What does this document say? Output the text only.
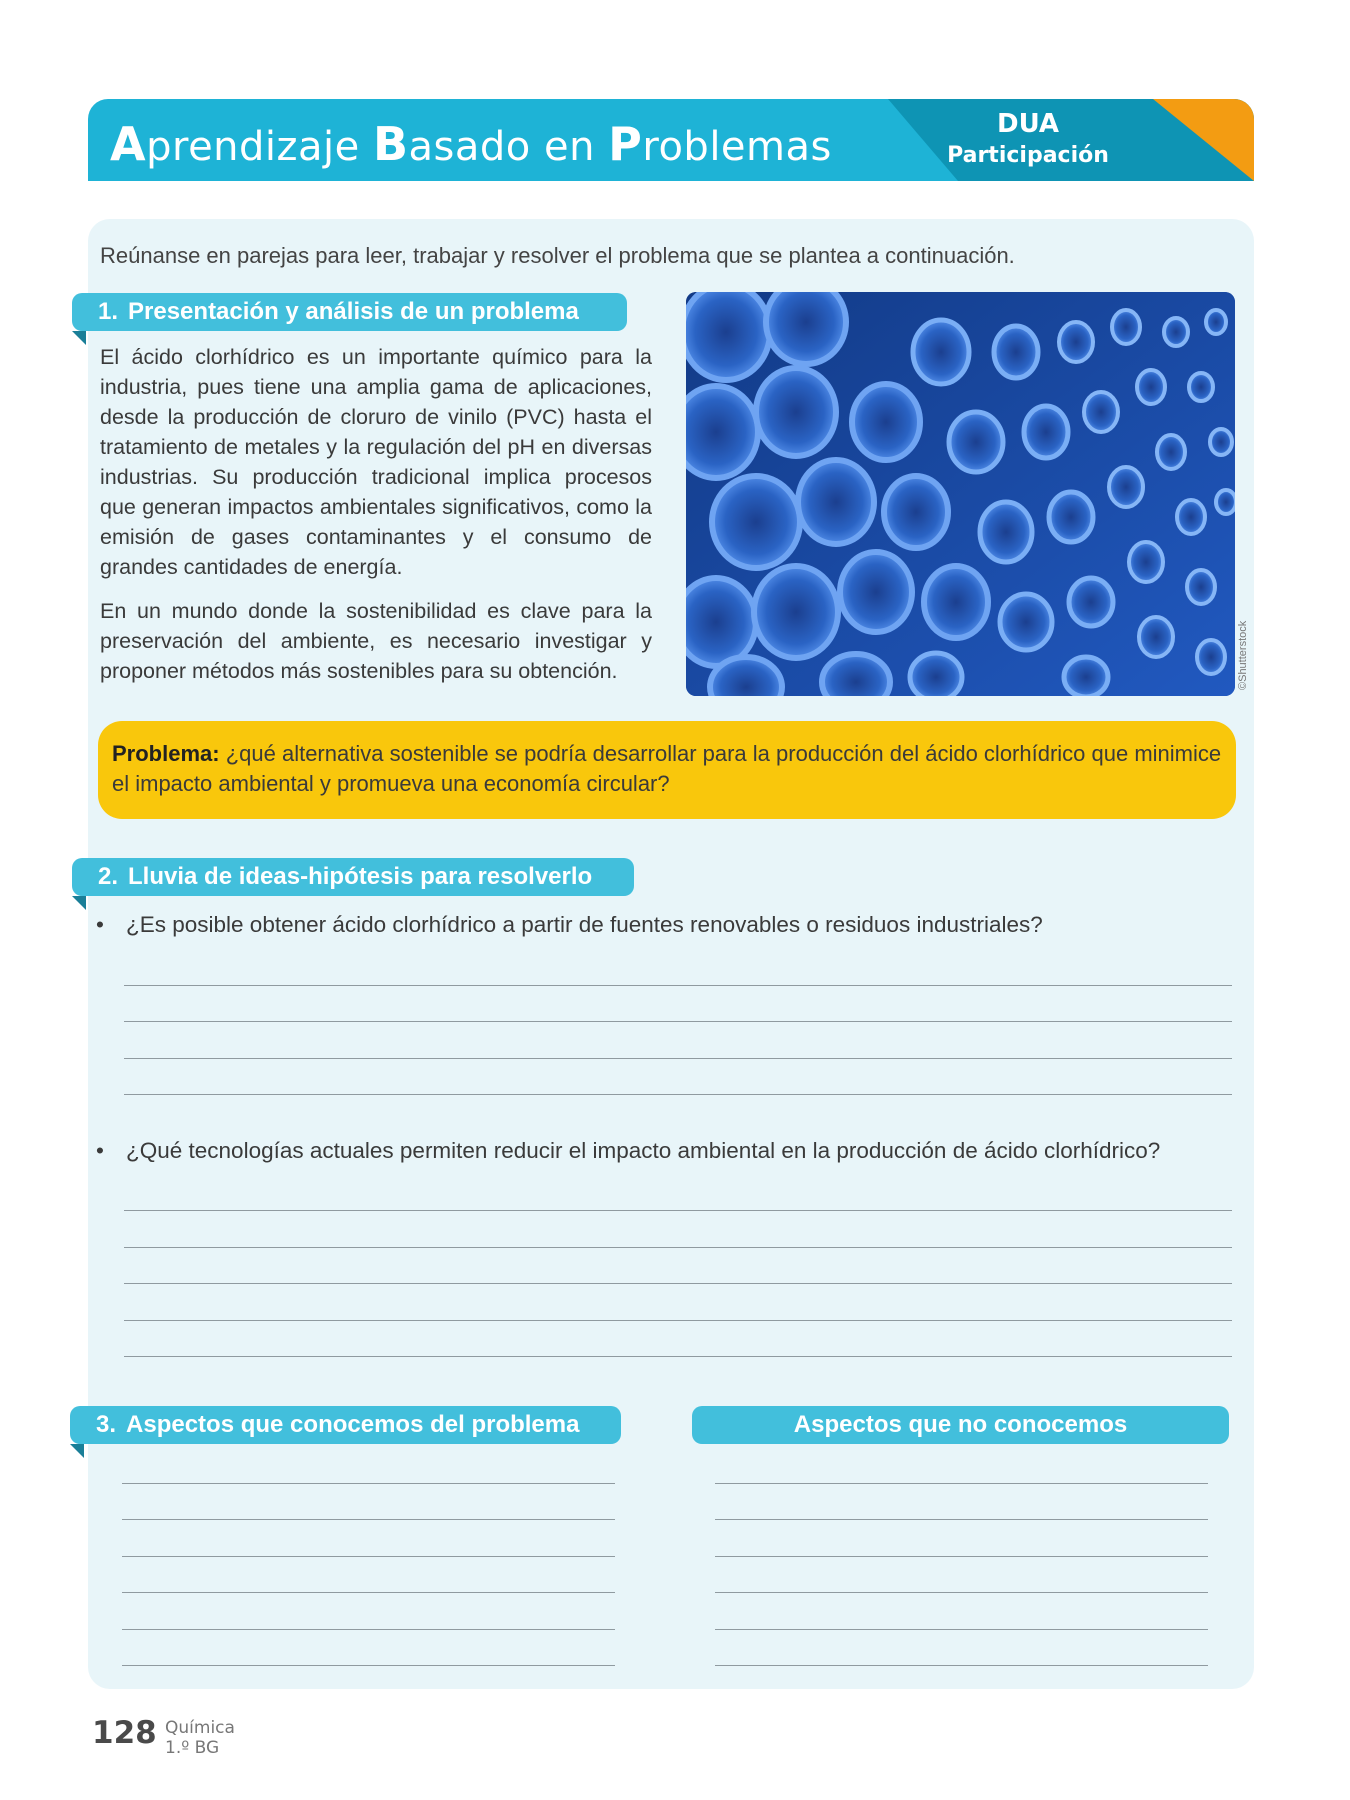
Aprendizaje Basado en Problemas	DUA
Participación
Reúnanse en parejas para leer, trabajar y resolver el problema que se plantea a continuación.
1. Presentación y análisis de un problema
El ácido clorhídrico es un importante químico para la industria, pues tiene una amplia gama de aplicaciones, desde la producción de cloruro de vinilo (PVC) hasta el tratamiento de metales y la regulación del pH en diversas industrias. Su producción tradicional implica procesos que generan impactos ambientales significativos, como la emisión de gases contaminantes y el consumo de grandes cantidades de energía.
En un mundo donde la sostenibilidad es clave para la preservación del ambiente, es necesario investigar y proponer métodos más sostenibles para su obtención.	©Shutterstock
Problema: ¿qué alternativa sostenible se podría desarrollar para la producción del ácido clorhídrico que minimice el impacto ambiental y promueva una economía circular?
2. Lluvia de ideas-hipótesis para resolverlo
• ¿Es posible obtener ácido clorhídrico a partir de fuentes renovables o residuos industriales?
• ¿Qué tecnologías actuales permiten reducir el impacto ambiental en la producción de ácido clorhídrico?
3. Aspectos que conocemos del problema	Aspectos que no conocemos
128 Química
1.º BG
